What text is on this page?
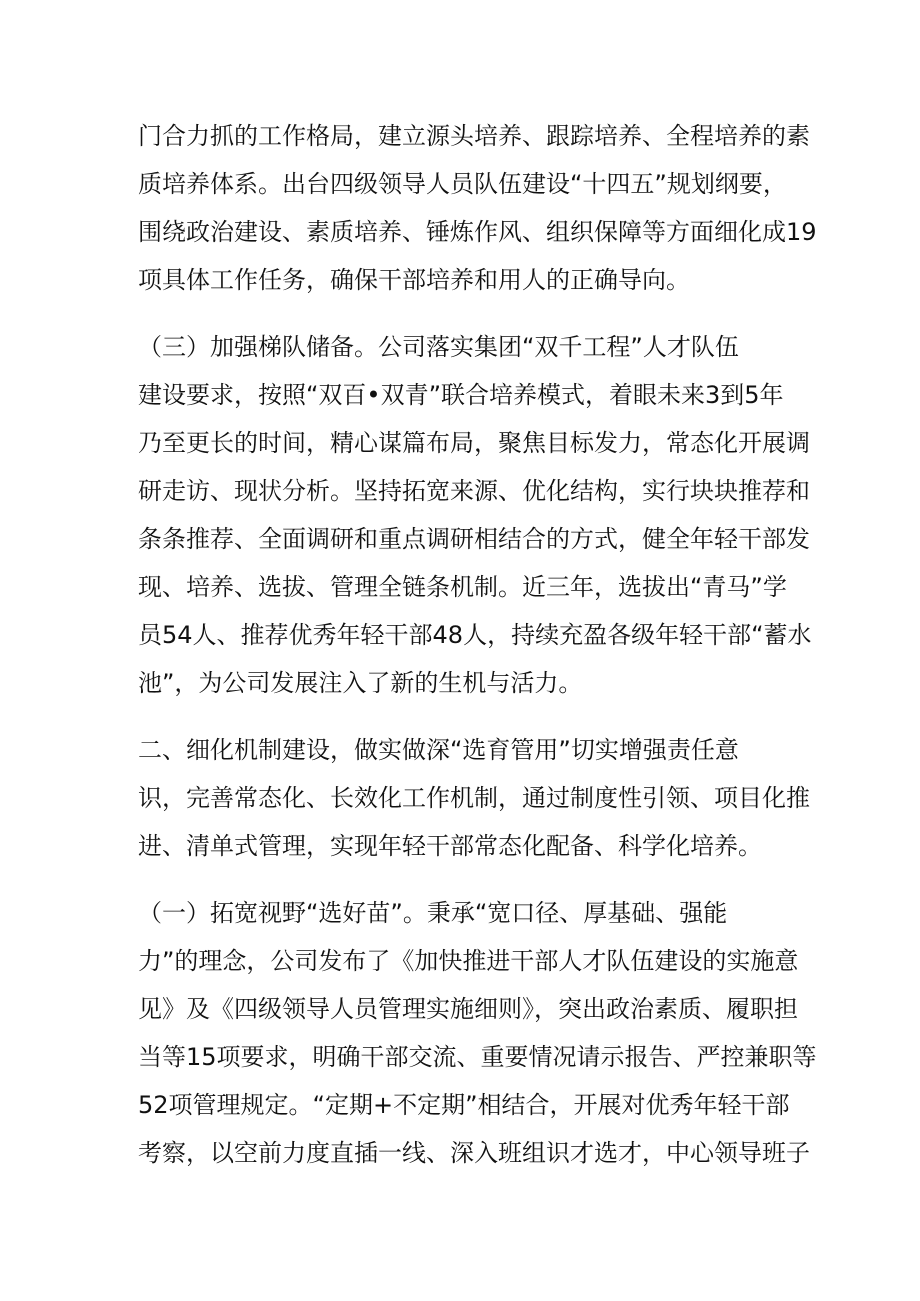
门合力抓的工作格局，建立源头培养、跟踪培养、全程培养的素
质培养体系。出台四级领导人员队伍建设“十四五”规划纲要，
围绕政治建设、素质培养、锤炼作风、组织保障等方面细化成19
项具体工作任务，确保干部培养和用人的正确导向。
（三）加强梯队储备。公司落实集团“双千工程”人才队伍
建设要求，按照“双百•双青”联合培养模式，着眼未来3到5年
乃至更长的时间，精心谋篇布局，聚焦目标发力，常态化开展调
研走访、现状分析。坚持拓宽来源、优化结构，实行块块推荐和
条条推荐、全面调研和重点调研相结合的方式，健全年轻干部发
现、培养、选拔、管理全链条机制。近三年，选拔出“青马”学
员54人、推荐优秀年轻干部48人，持续充盈各级年轻干部“蓄水
池”，为公司发展注入了新的生机与活力。
二、细化机制建设，做实做深“选育管用”切实增强责任意
识，完善常态化、长效化工作机制，通过制度性引领、项目化推
进、清单式管理，实现年轻干部常态化配备、科学化培养。
（一）拓宽视野“选好苗”。秉承“宽口径、厚基础、强能
力”的理念，公司发布了《加快推进干部人才队伍建设的实施意
见》及《四级领导人员管理实施细则》，突出政治素质、履职担
当等15项要求，明确干部交流、重要情况请示报告、严控兼职等
52项管理规定。“定期+不定期”相结合，开展对优秀年轻干部
考察，以空前力度直插一线、深入班组识才选才，中心领导班子
